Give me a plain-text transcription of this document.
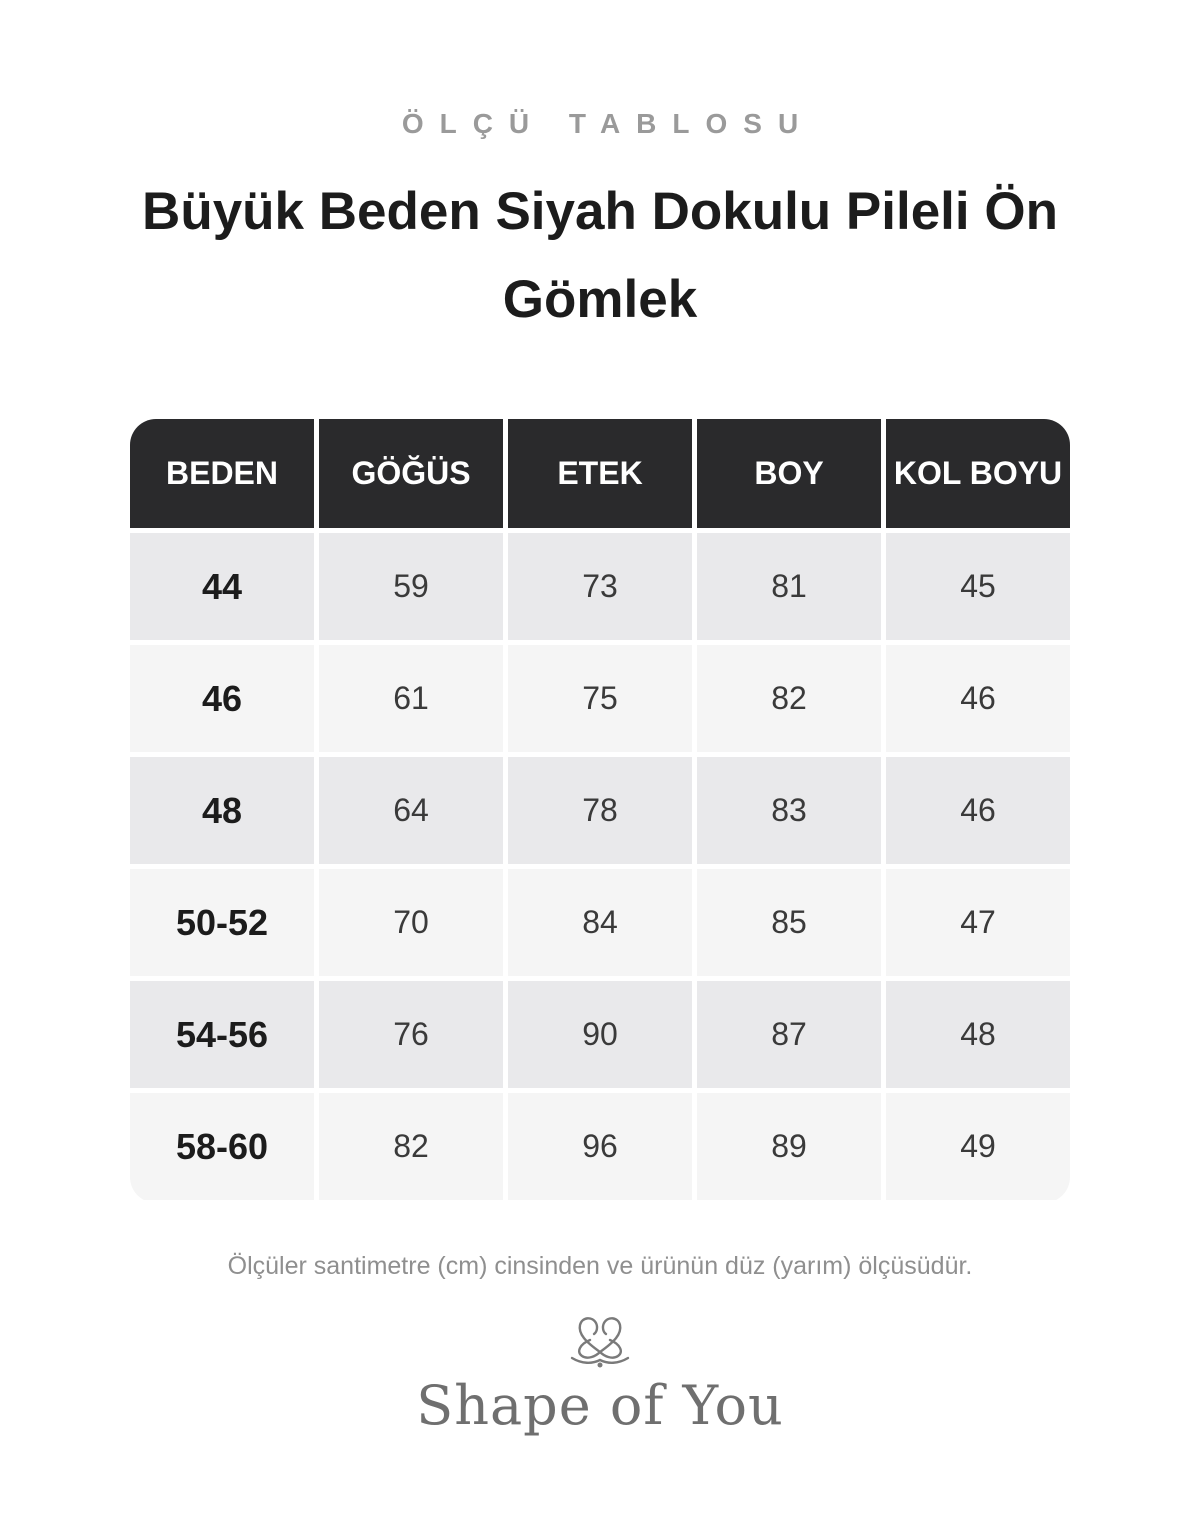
ÖLÇÜ TABLOSU
Büyük Beden Siyah Dokulu Pileli Ön Gömlek
BEDEN	GÖĞÜS	ETEK	BOY	KOL BOYU
44	59	73	81	45
46	61	75	82	46
48	64	78	83	46
50-52	70	84	85	47
54-56	76	90	87	48
58-60	82	96	89	49
Ölçüler santimetre (cm) cinsinden ve ürünün düz (yarım) ölçüsüdür.
Shape of You
